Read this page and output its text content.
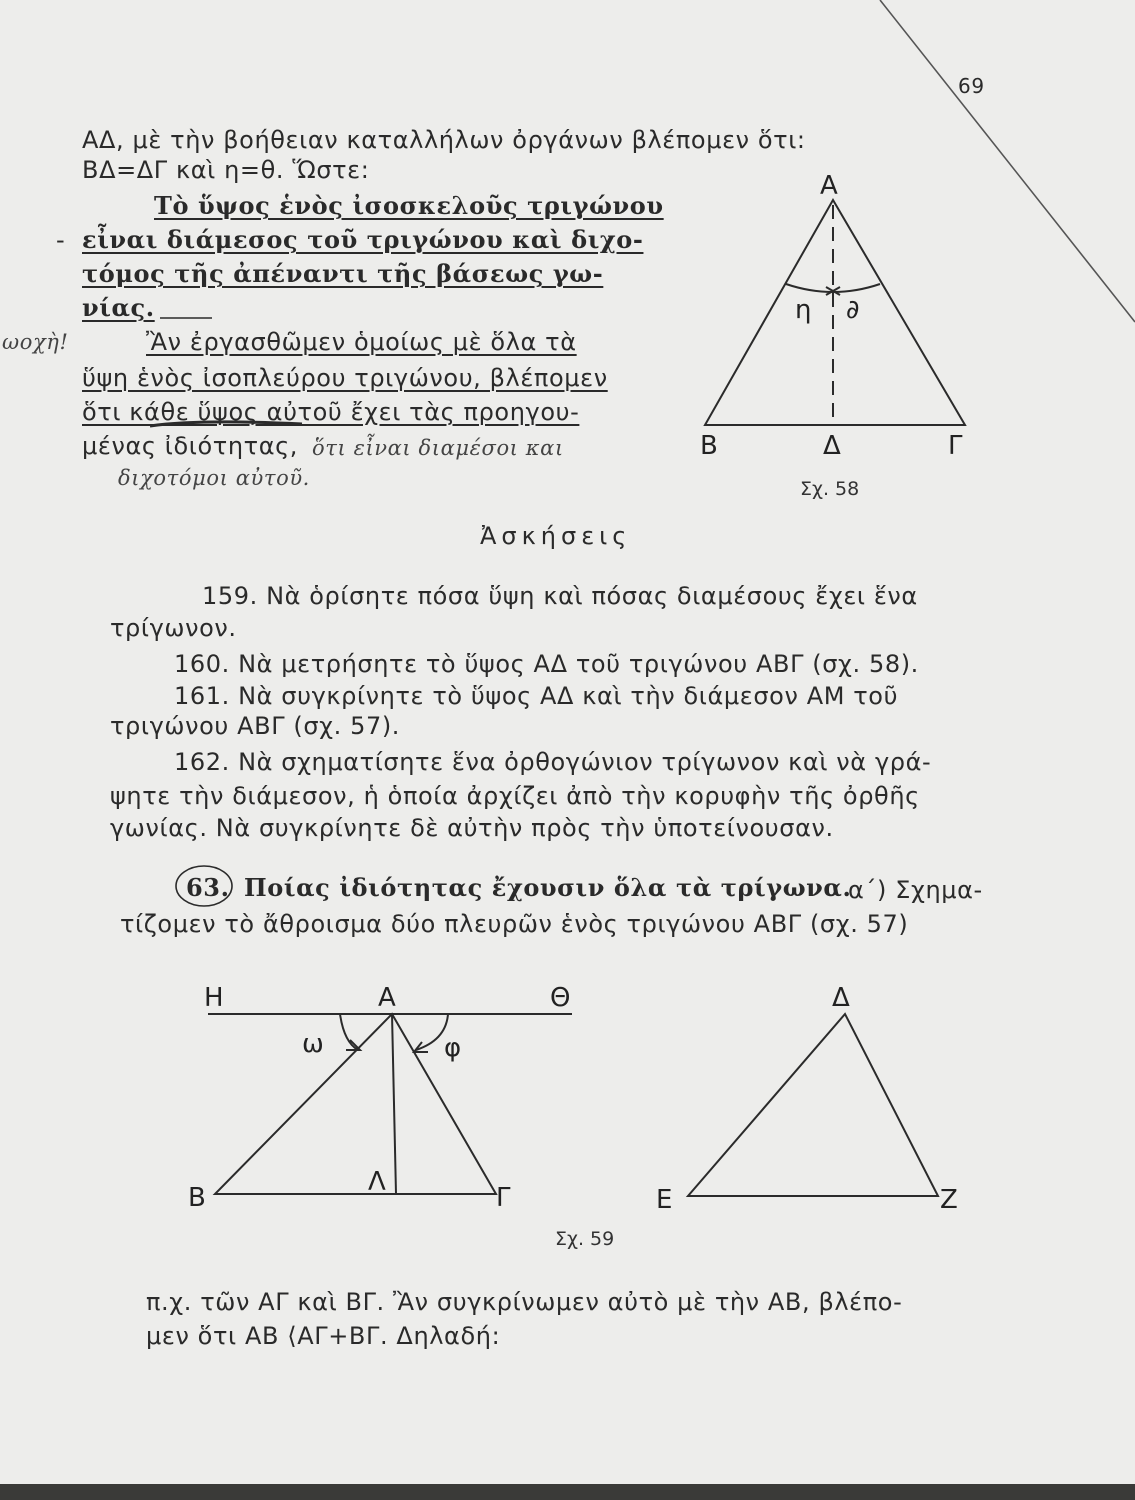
69
ΑΔ, μὲ τὴν βοήθειαν καταλλήλων ὀργάνων βλέπομεν ὅτι:
ΒΔ=ΔΓ καὶ η=θ. Ὥστε:
Τὸ ὕψος ἑνὸς ἰσοσκελοῦς τριγώνου
- εἶναι διάμεσος τοῦ τριγώνου καὶ διχο-
τόμος τῆς ἀπέναντι τῆς βάσεως γω-
νίας.
ωοχὴ!	Ἂν ἐργασθῶμεν ὁμοίως μὲ ὅλα τὰ
ὕψη ἑνὸς ἰσοπλεύρου τριγώνου, βλέπομεν
ὅτι κάθε ὕψος αὐτοῦ ἔχει τὰς προηγου-
μένας ἰδιότητας, ὅτι εἶναι διαμέσοι και
διχοτόμοι αὐτοῦ.
Α
η ∂
Β	Δ	Γ
Σχ. 58
Ἀσκήσεις
159. Νὰ ὁρίσητε πόσα ὕψη καὶ πόσας διαμέσους ἔχει ἕνα
τρίγωνον.
160. Νὰ μετρήσητε τὸ ὕψος ΑΔ τοῦ τριγώνου ΑΒΓ (σχ. 58).
161. Νὰ συγκρίνητε τὸ ὕψος ΑΔ καὶ τὴν διάμεσον ΑΜ τοῦ
τριγώνου ΑΒΓ (σχ. 57).
162. Νὰ σχηματίσητε ἕνα ὀρθογώνιον τρίγωνον καὶ νὰ γρά-
ψητε τὴν διάμεσον, ἡ ὁποία ἀρχίζει ἀπὸ τὴν κορυφὴν τῆς ὀρθῆς
γωνίας. Νὰ συγκρίνητε δὲ αὐτὴν πρὸς τὴν ὑποτείνουσαν.
63. Ποίας ἰδιότητας ἔχουσιν ὅλα τὰ τρίγωνα.
α΄) Σχημα-
τίζομεν τὸ ἄθροισμα δύο πλευρῶν ἑνὸς τριγώνου ΑΒΓ (σχ. 57)
Η	Α	Θ
ω	φ
Β
Λ
Γ
Δ
Ε	Ζ
Σχ. 59
π.χ. τῶν ΑΓ καὶ ΒΓ. Ἂν συγκρίνωμεν αὐτὸ μὲ τὴν ΑΒ, βλέπο-
μεν ὅτι ΑΒ ⟨ΑΓ+ΒΓ. Δηλαδή:
